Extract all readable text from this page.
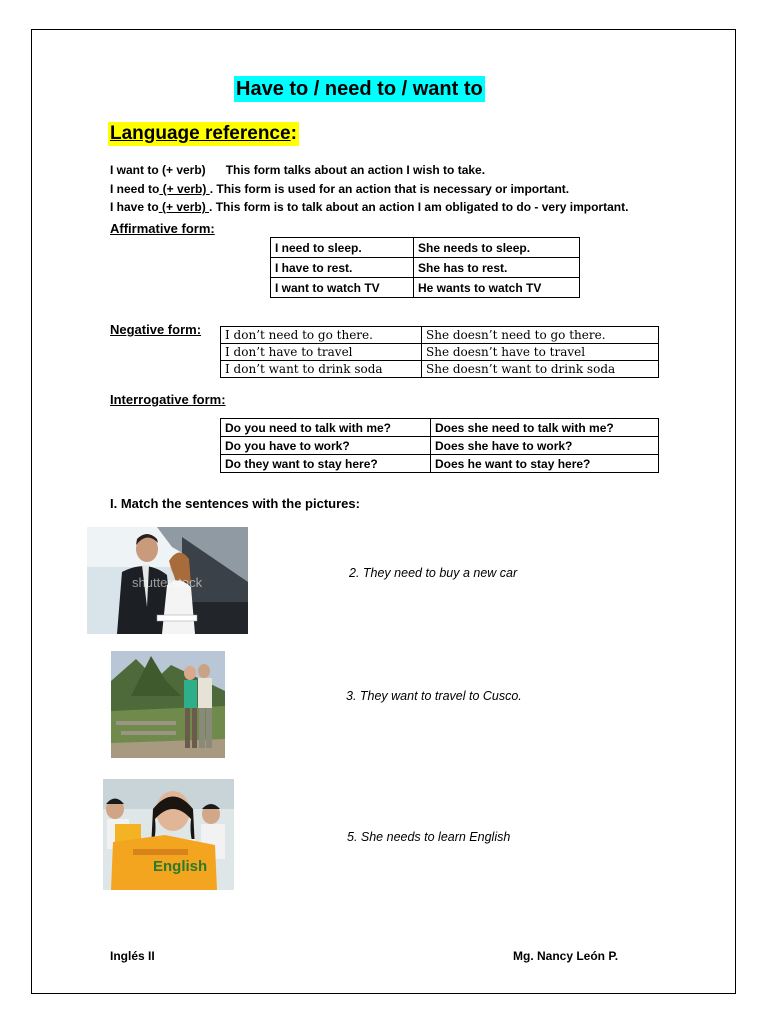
Have to / need to / want to
Language reference:
I want to (+ verb)      This form talks about an action I wish to take.
I need to (+ verb) . This form is used for an action that is necessary or important.
I have to (+ verb) . This form is to talk about an action I am obligated to do - very important.
Affirmative form:
I need to sleep.	She needs to sleep.
I have to rest.	She has to rest.
I want to watch TV	He wants to watch TV
Negative form: I don’t need to go there.	She doesn’t need to go there.
I don’t have to travel	She doesn’t have to travel
I don’t want to drink soda	She doesn’t want to drink soda
Interrogative form:
Do you need to talk with me?	Does she need to talk with me?
Do you have to work?	Does she have to work?
Do they want to stay here?	Does he want to stay here?
I. Match the sentences with the pictures:
shutterstock
2. They need to buy a new car
3. They want to travel to Cusco.
English
5. She needs to learn English
Inglés II	Mg. Nancy León P.
